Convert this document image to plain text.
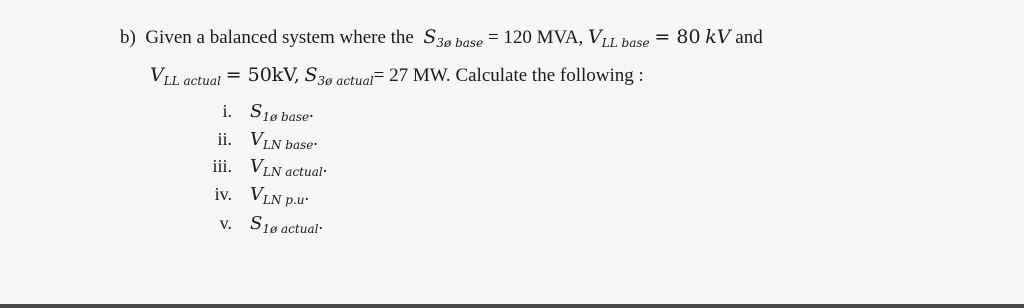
b) Given a balanced system where the $S_{3ø base} = 120$ MVA, $V_{LL base} = 80$ kV and
$V_{LL actual} = 50kV$, $S_{3ø actual}= 27$ MW. Calculate the following :
i. $S_{1ø base}$.
ii. $V_{LN base}$.
iii. $V_{LN actual}$.
iv. $V_{LN p.u}$.
v. $S_{1ø actual}$.
